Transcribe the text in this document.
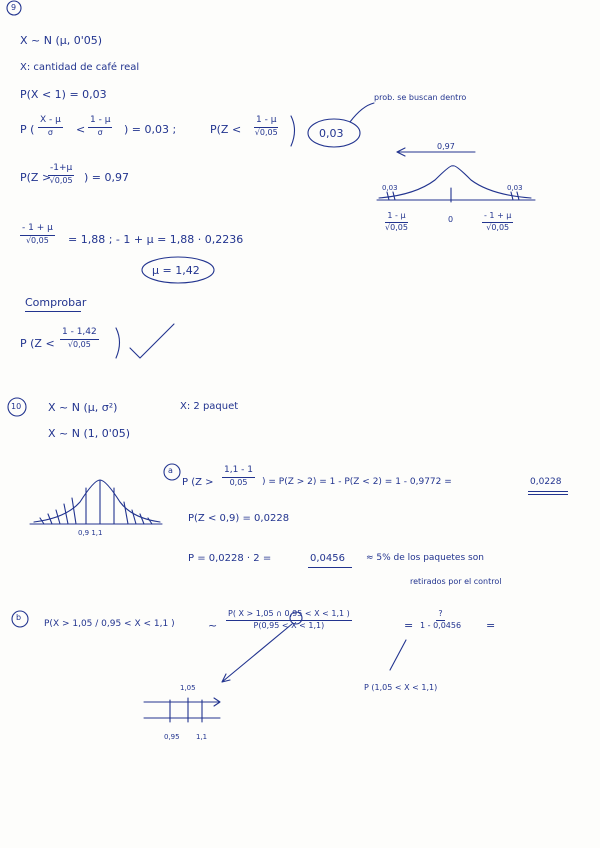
9
X ~ N (μ, 0'05)
X: cantidad de café real
P(X < 1) = 0,03
P ( $\frac{X - \mu}{\sigma} < \frac{1 - \mu}{\sigma}$ ) = 0,03 ;	$P(Z < \frac{1 - \mu}{√0,05}$	0,03
prob. se buscan dentro
P(Z >
$\frac{-1+\mu}{√0,05}$ ) = 0,97
$\frac{- 1 + \mu}{√0,05} = 1,88$ ; - 1 + μ = 1,88 · 0,2236
μ = 1,42
Comprobar
P ($Z < \frac{1 - 1,42}{√0,05}$
0,97
0,03	0,03
$\frac{1 - \mu}{√0,05}$	0	$\frac{- 1 + \mu}{√0,05}$
10 X ~ N (μ, σ²)	X: 2 paquet
X ~ N (1, 0'05)
a
P ($Z > \frac{1,1 - 1}{0,05}$ ) = P(Z > 2) = 1 - P(Z < 2) = 1 - 0,9772 =	0,0228
P(Z < 0,9) = 0,0228
P = 0,0228 · 2 =	0,0456 ≈ 5% de los paquetes son
retirados por el control
0,9 1,1
b
P(X > 1,05 / 0,95 < X < 1,1 )	~ $\frac{P( X > 1,05 \cap 0,95 < X < 1,1 )}{P(0,95 < X < 1,1)}$	=
?
1 - 0,0456 =
P (1,05 < X < 1,1)
1,05
0,95 1,1
